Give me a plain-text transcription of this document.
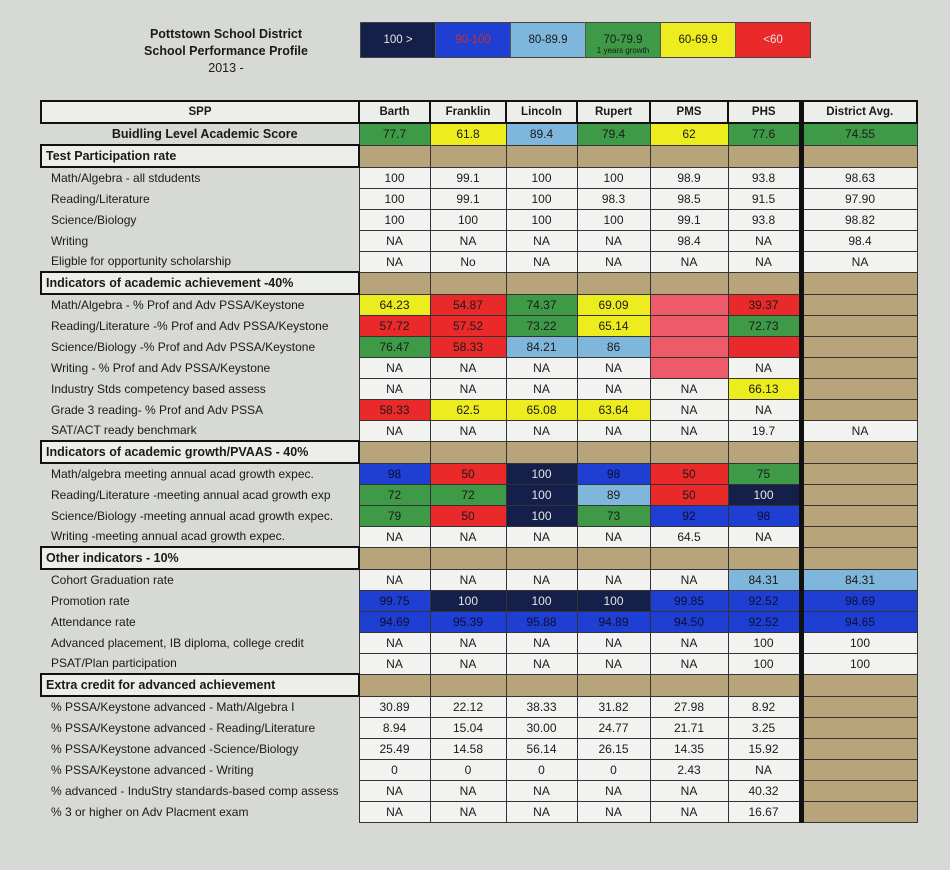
Pottstown School District
School Performance Profile
2013 -
100 >	90-100	80-89.9	70-79.9
1 years growth
60-69.9	<60
SPP	Barth	Franklin	Lincoln	Rupert	PMS	PHS	District Avg.
Buidling Level Academic Score	77.7	61.8	89.4	79.4	62	77.6	74.55
Test Participation rate							
Math/Algebra - all stdudents	100	99.1	100	100	98.9	93.8	98.63
Reading/Literature	100	99.1	100	98.3	98.5	91.5	97.90
Science/Biology	100	100	100	100	99.1	93.8	98.82
Writing	NA	NA	NA	NA	98.4	NA	98.4
Eligble for opportunity scholarship	NA	No	NA	NA	NA	NA	NA
Indicators of academic achievement -40%							
Math/Algebra - % Prof and Adv PSSA/Keystone	64.23	54.87	74.37	69.09		39.37	
Reading/Literature -% Prof and Adv PSSA/Keystone	57.72	57.52	73.22	65.14		72.73	
Science/Biology -% Prof and Adv PSSA/Keystone	76.47	58.33	84.21	86			
Writing - % Prof and Adv PSSA/Keystone	NA	NA	NA	NA		NA	
Industry Stds competency based assess	NA	NA	NA	NA	NA	66.13	
Grade 3 reading- % Prof and Adv PSSA	58.33	62.5	65.08	63.64	NA	NA	
SAT/ACT ready benchmark	NA	NA	NA	NA	NA	19.7	NA
Indicators of academic growth/PVAAS - 40%							
Math/algebra meeting annual acad growth expec.	98	50	100	98	50	75	
Reading/Literature -meeting annual acad growth exp	72	72	100	89	50	100	
Science/Biology -meeting annual acad growth expec.	79	50	100	73	92	98	
Writing -meeting annual acad growth expec.	NA	NA	NA	NA	64.5	NA	
Other indicators - 10%							
Cohort Graduation rate	NA	NA	NA	NA	NA	84.31	84.31
Promotion rate	99.75	100	100	100	99.85	92.52	98.69
Attendance rate	94.69	95.39	95.88	94.89	94.50	92.52	94.65
Advanced placement, IB diploma, college credit	NA	NA	NA	NA	NA	100	100
PSAT/Plan participation	NA	NA	NA	NA	NA	100	100
Extra credit for advanced achievement							
% PSSA/Keystone advanced - Math/Algebra I	30.89	22.12	38.33	31.82	27.98	8.92	
% PSSA/Keystone advanced - Reading/Literature	8.94	15.04	30.00	24.77	21.71	3.25	
% PSSA/Keystone advanced -Science/Biology	25.49	14.58	56.14	26.15	14.35	15.92	
% PSSA/Keystone advanced - Writing	0	0	0	0	2.43	NA	
% advanced - InduStry standards-based comp assess	NA	NA	NA	NA	NA	40.32	
% 3 or higher on Adv Placment exam	NA	NA	NA	NA	NA	16.67	
